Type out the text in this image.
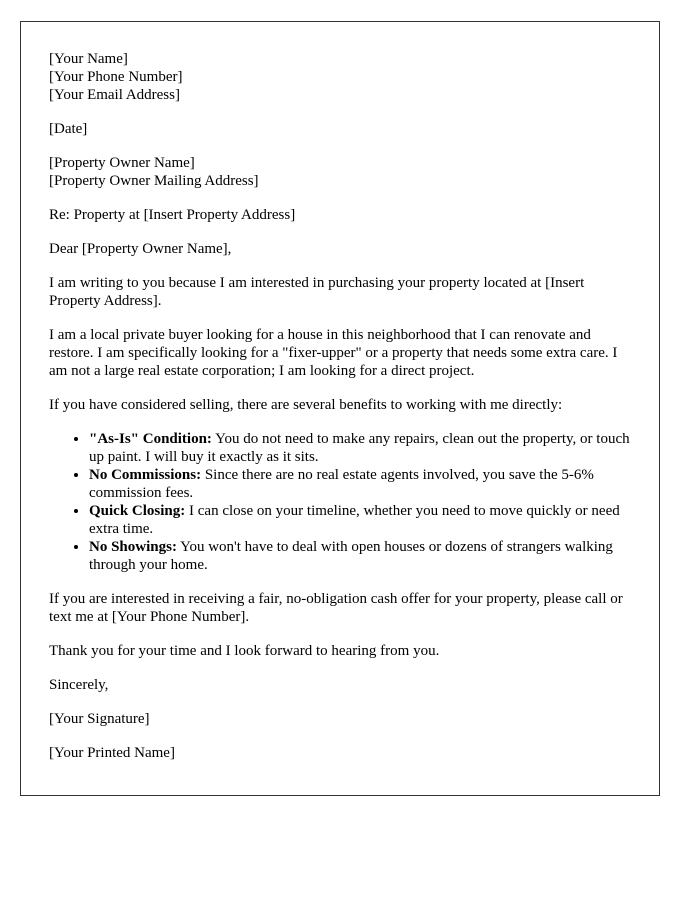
[Your Name]
[Your Phone Number]
[Your Email Address]

[Date]

[Property Owner Name]
[Property Owner Mailing Address]

Re: Property at [Insert Property Address]

Dear [Property Owner Name],

I am writing to you because I am interested in purchasing your property located at [Insert Property Address].

I am a local private buyer looking for a house in this neighborhood that I can renovate and restore. I am specifically looking for a "fixer-upper" or a property that needs some extra care. I am not a large real estate corporation; I am looking for a direct project.

If you have considered selling, there are several benefits to working with me directly:

• "As-Is" Condition: You do not need to make any repairs, clean out the property, or touch up paint. I will buy it exactly as it sits.
• No Commissions: Since there are no real estate agents involved, you save the 5-6% commission fees.
• Quick Closing: I can close on your timeline, whether you need to move quickly or need extra time.
• No Showings: You won't have to deal with open houses or dozens of strangers walking through your home.

If you are interested in receiving a fair, no-obligation cash offer for your property, please call or text me at [Your Phone Number].

Thank you for your time and I look forward to hearing from you.

Sincerely,

[Your Signature]

[Your Printed Name]
